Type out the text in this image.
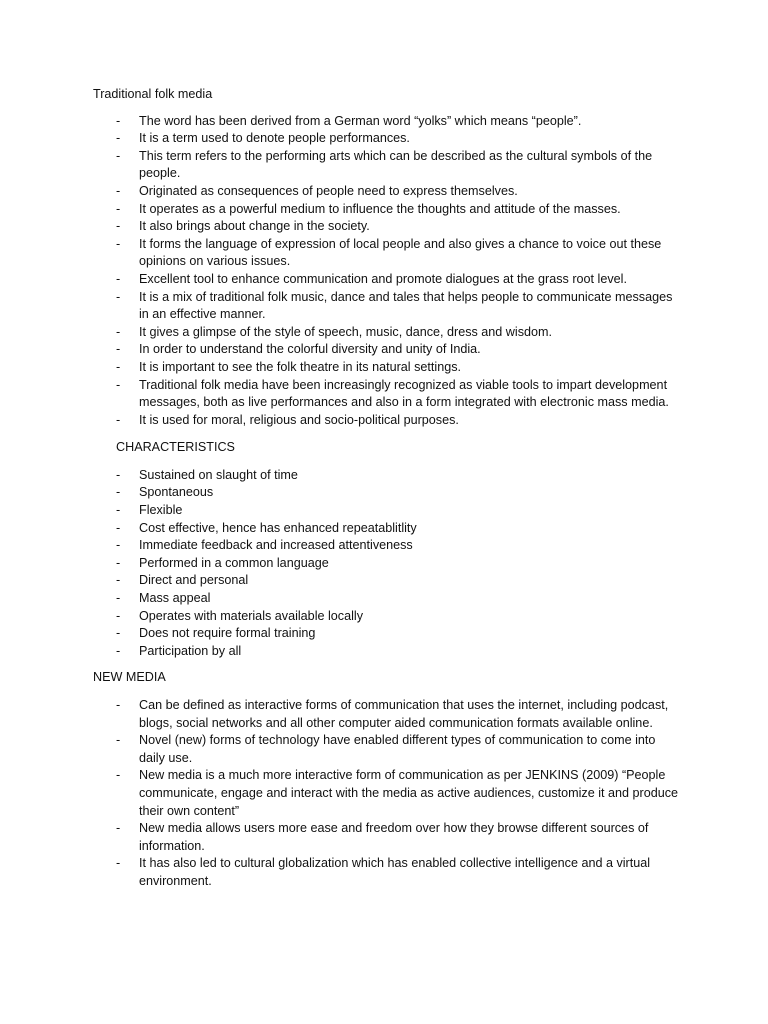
Traditional folk media
- The word has been derived from a German word “yolks” which means “people”.
- It is a term used to denote people performances.
- This term refers to the performing arts which can be described as the cultural symbols of the people.
- Originated as consequences of people need to express themselves.
- It operates as a powerful medium to influence the thoughts and attitude of the masses.
- It also brings about change in the society.
- It forms the language of expression of local people and also gives a chance to voice out these opinions on various issues.
- Excellent tool to enhance communication and promote dialogues at the grass root level.
- It is a mix of traditional folk music, dance and tales that helps people to communicate messages in an effective manner.
- It gives a glimpse of the style of speech, music, dance, dress and wisdom.
- In order to understand the colorful diversity and unity of India.
- It is important to see the folk theatre in its natural settings.
- Traditional folk media have been increasingly recognized as viable tools to impart development messages, both as live performances and also in a form integrated with electronic mass media.
- It is used for moral, religious and socio-political purposes.
CHARACTERISTICS
- Sustained on slaught of time
- Spontaneous
- Flexible
- Cost effective, hence has enhanced repeatablitlity
- Immediate feedback and increased attentiveness
- Performed in a common language
- Direct and personal
- Mass appeal
- Operates with materials available locally
- Does not require formal training
- Participation by all
NEW MEDIA
- Can be defined as interactive forms of communication that uses the internet, including podcast, blogs, social networks and all other computer aided communication formats available online.
- Novel (new) forms of technology have enabled different types of communication to come into daily use.
- New media is a much more interactive form of communication as per JENKINS (2009) “People communicate, engage and interact with the media as active audiences, customize it and produce their own content”
- New media allows users more ease and freedom over how they browse different sources of information.
- It has also led to cultural globalization which has enabled collective intelligence and a virtual environment.
